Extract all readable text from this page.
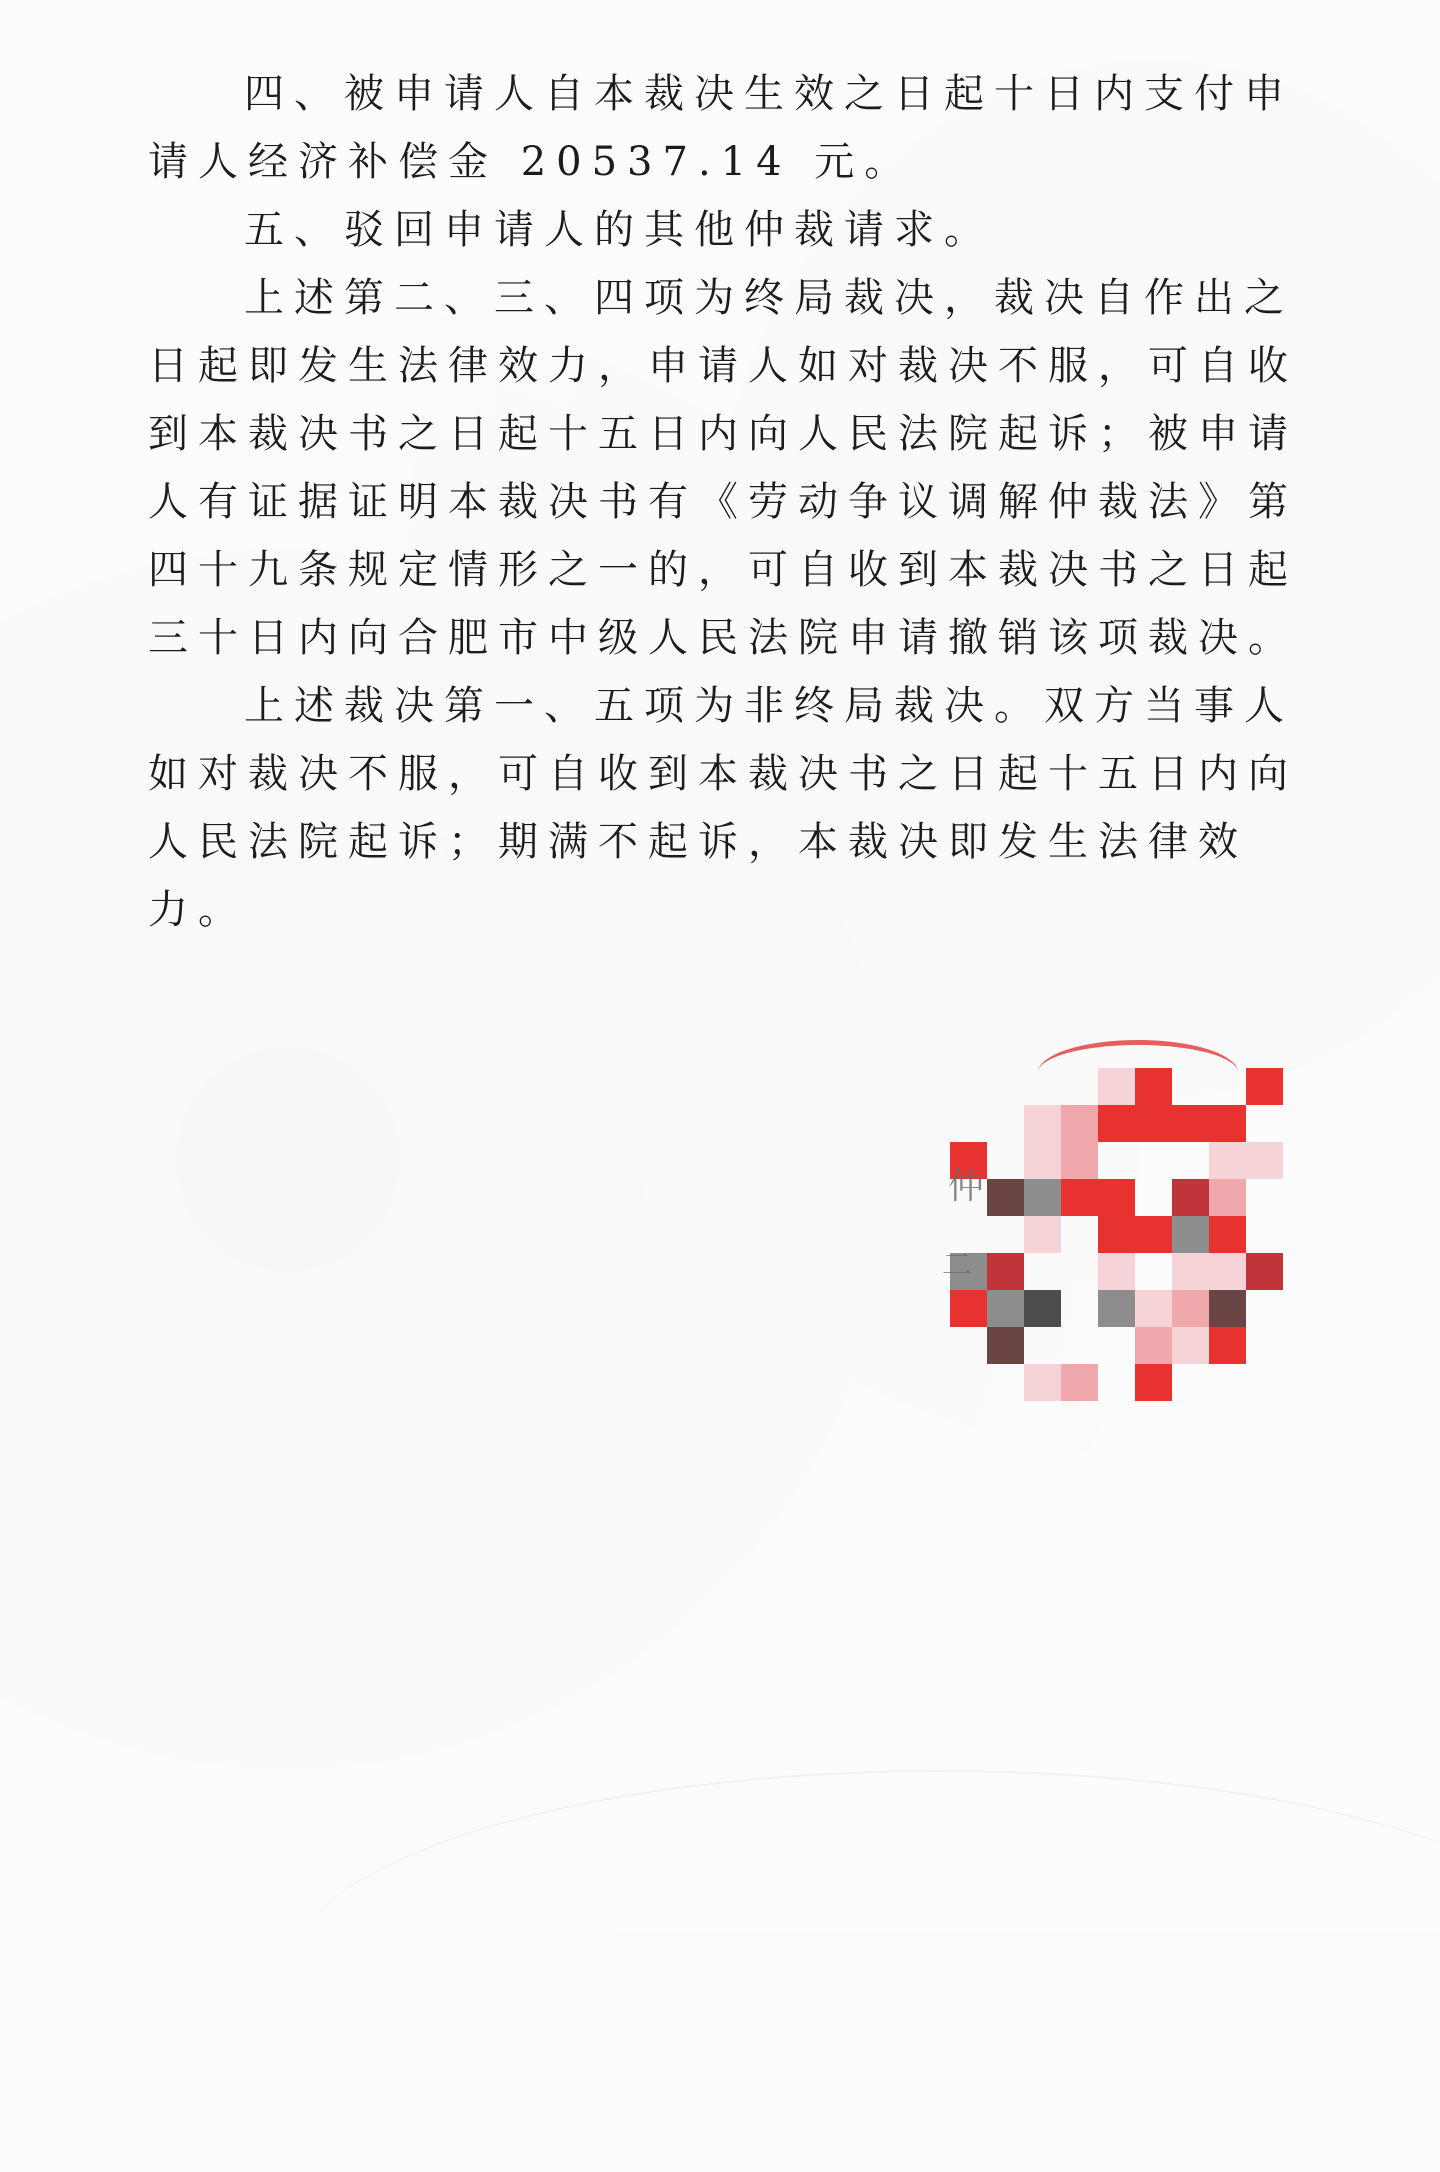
四、被申请人自本裁决生效之日起十日内支付申请人经济补偿金 20537.14 元。

五、驳回申请人的其他仲裁请求。

上述第二、三、四项为终局裁决，裁决自作出之日起即发生法律效力，申请人如对裁决不服，可自收到本裁决书之日起十五日内向人民法院起诉；被申请人有证据证明本裁决书有《劳动争议调解仲裁法》第四十九条规定情形之一的，可自收到本裁决书之日起三十日内向合肥市中级人民法院申请撤销该项裁决。

上述裁决第一、五项为非终局裁决。双方当事人如对裁决不服，可自收到本裁决书之日起十五日内向人民法院起诉；期满不起诉，本裁决即发生法律效力。

仲
二
